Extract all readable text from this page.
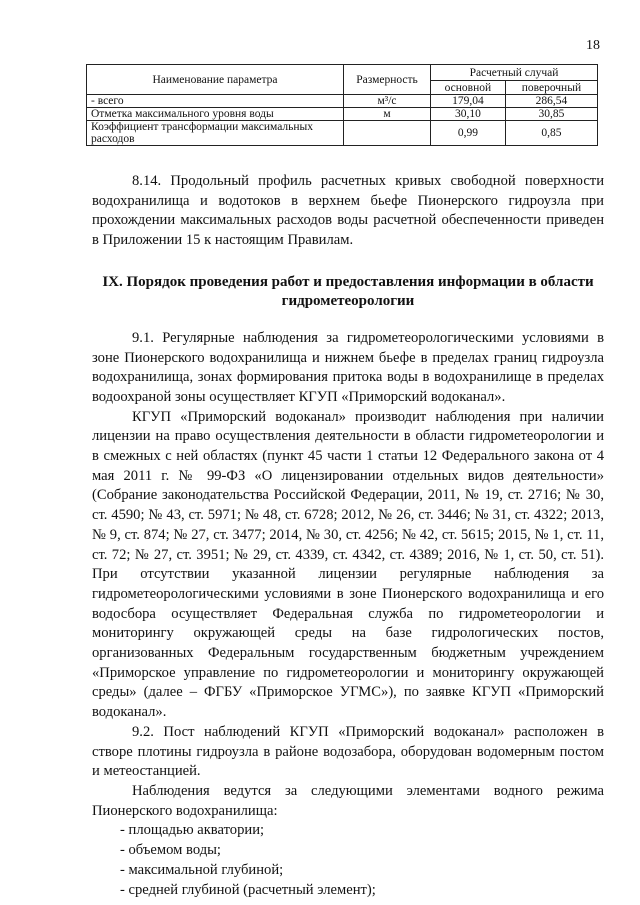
18
Наименование параметра	Размерность	Расчетный случай	
		основной	поверочный
- всего	м³/с	179,04	286,54
Отметка максимального уровня воды	м	30,10	30,85
Коэффициент трансформации максимальных расходов		0,99	0,85

8.14. Продольный профиль расчетных кривых свободной поверхности водохранилища и водотоков в верхнем бьефе Пионерского гидроузла при прохождении максимальных расходов воды расчетной обеспеченности приведен в Приложении 15 к настоящим Правилам.

IX. Порядок проведения работ и предоставления информации в области гидрометеорологии

9.1. Регулярные наблюдения за гидрометеорологическими условиями в зоне Пионерского водохранилища и нижнем бьефе в пределах границ гидроузла водохранилища, зонах формирования притока воды в водохранилище в пределах водоохраной зоны осуществляет КГУП «Приморский водоканал».

КГУП «Приморский водоканал» производит наблюдения при наличии лицензии на право осуществления деятельности в области гидрометеорологии и в смежных с ней областях (пункт 45 части 1 статьи 12 Федерального закона от 4 мая 2011 г. № 99-ФЗ «О лицензировании отдельных видов деятельности» (Собрание законодательства Российской Федерации, 2011, № 19, ст. 2716; № 30, ст. 4590; № 43, ст. 5971; № 48, ст. 6728; 2012, № 26, ст. 3446; № 31, ст. 4322; 2013, № 9, ст. 874; № 27, ст. 3477; 2014, № 30, ст. 4256; № 42, ст. 5615; 2015, № 1, ст. 11, ст. 72; № 27, ст. 3951; № 29, ст. 4339, ст. 4342, ст. 4389; 2016, № 1, ст. 50, ст. 51). При отсутствии указанной лицензии регулярные наблюдения за гидрометеорологическими условиями в зоне Пионерского водохранилища и его водосбора осуществляет Федеральная служба по гидрометеорологии и мониторингу окружающей среды на базе гидрологических постов, организованных Федеральным государственным бюджетным учреждением «Приморское управление по гидрометеорологии и мониторингу окружающей среды» (далее – ФГБУ «Приморское УГМС»), по заявке КГУП «Приморский водоканал».

9.2. Пост наблюдений КГУП «Приморский водоканал» расположен в створе плотины гидроузла в районе водозабора, оборудован водомерным постом и метеостанцией.

Наблюдения ведутся за следующими элементами водного режима Пионерского водохранилища:

- площадью акватории;
- объемом воды;
- максимальной глубиной;
- средней глубиной (расчетный элемент);
